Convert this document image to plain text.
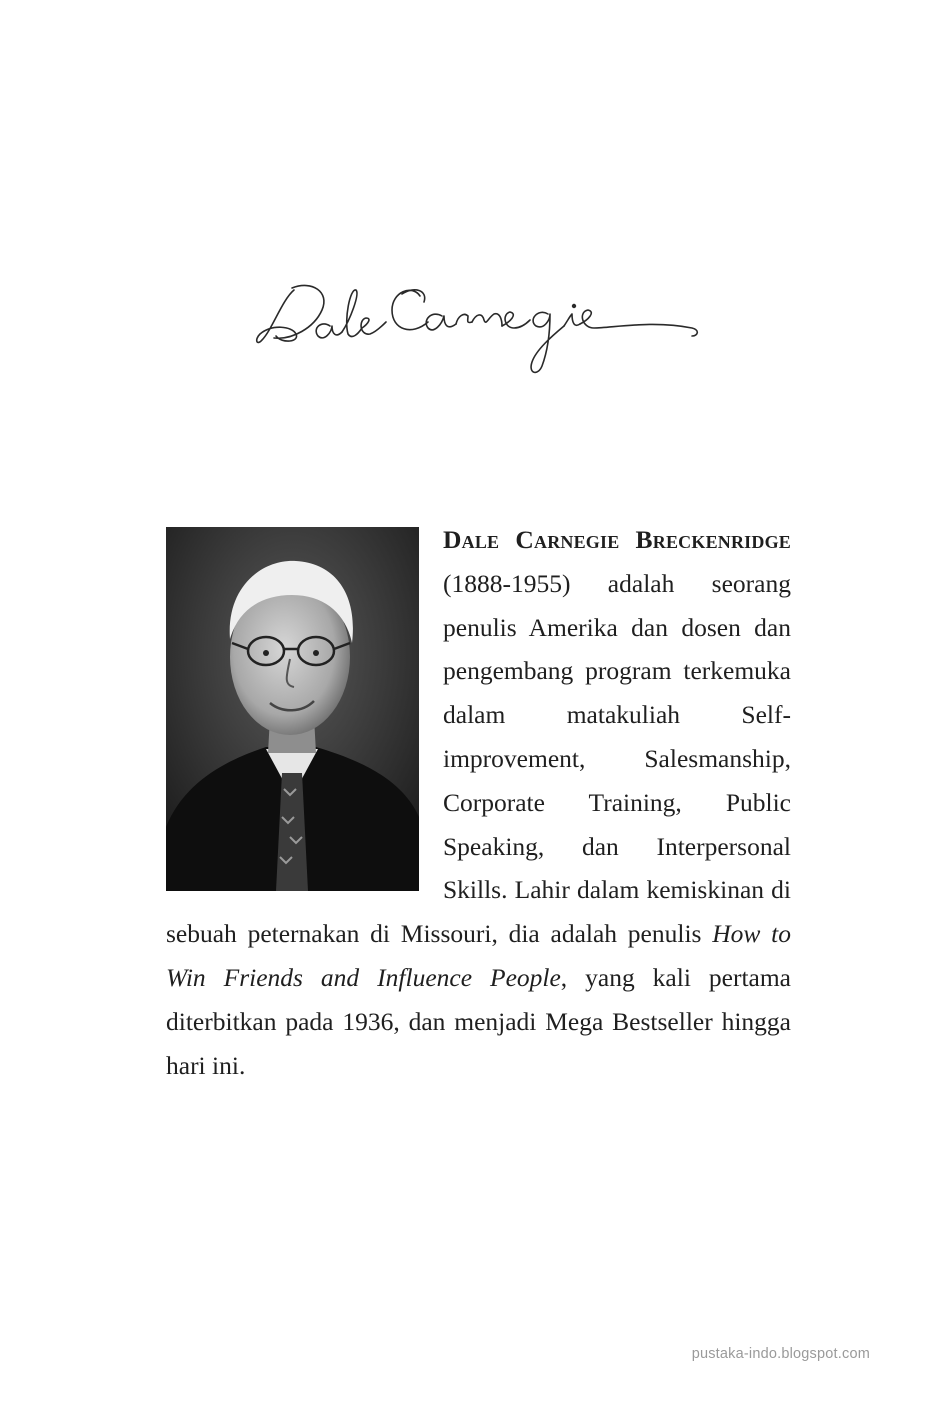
Dale Carnegie Breckenridge (1888-1955) adalah seorang penulis Amerika dan dosen dan pengembang program terkemuka dalam matakuliah Self-improvement, Salesmanship, Corporate Training, Public Speaking, dan Interpersonal Skills. Lahir dalam kemiskinan di sebuah peternakan di Missouri, dia adalah penulis How to Win Friends and Influence People, yang kali pertama diterbitkan pada 1936, dan menjadi Mega Bestseller hingga hari ini.
pustaka-indo.blogspot.com
